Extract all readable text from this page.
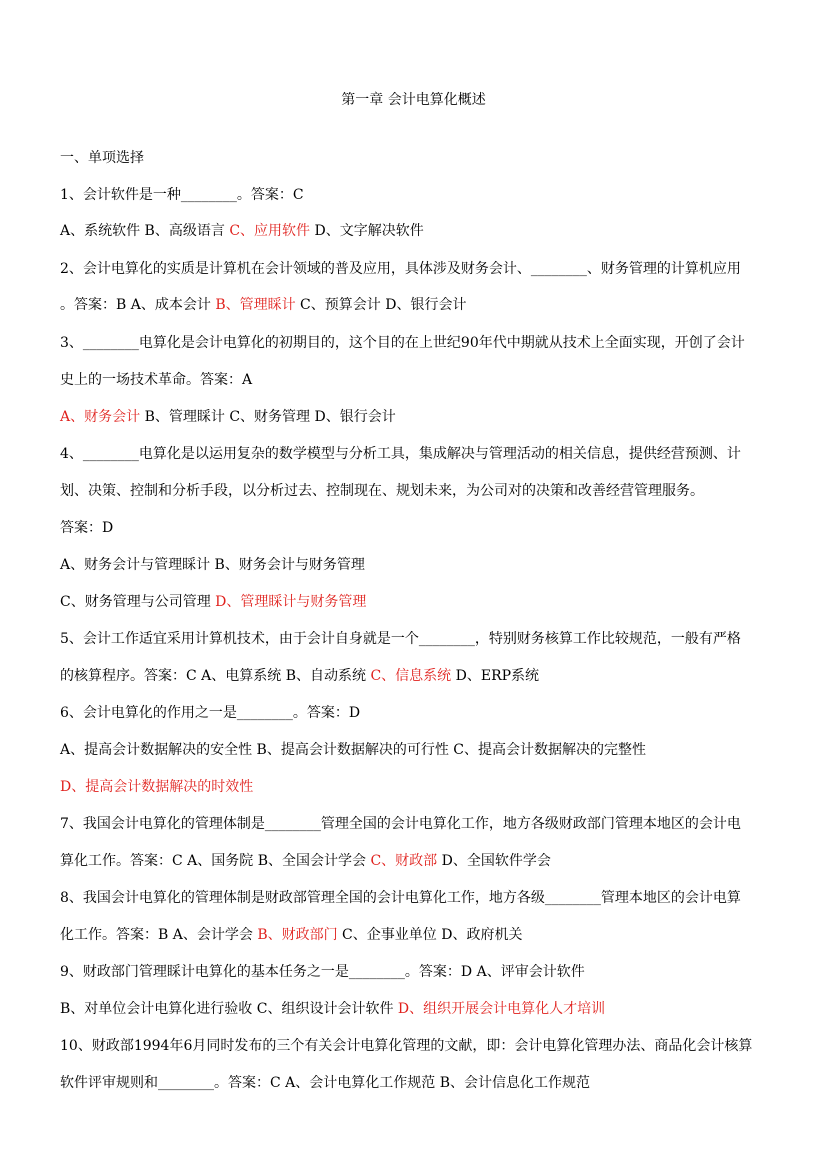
第一章 会计电算化概述
一、单项选择
1、会计软件是一种________。答案：C
A、系统软件 B、高级语言 C、应用软件 D、文字解决软件
2、会计电算化的实质是计算机在会计领域的普及应用，具体涉及财务会计、________、财务管理的计算机应用
。答案：B A、成本会计 B、管理睬计 C、预算会计 D、银行会计
3、________电算化是会计电算化的初期目的，这个目的在上世纪90年代中期就从技术上全面实现，开创了会计
史上的一场技术革命。答案：A
A、财务会计 B、管理睬计 C、财务管理 D、银行会计
4、________电算化是以运用复杂的数学模型与分析工具，集成解决与管理活动的相关信息，提供经营预测、计
划、决策、控制和分析手段，以分析过去、控制现在、规划未来，为公司对的决策和改善经营管理服务。
答案：D
A、财务会计与管理睬计 B、财务会计与财务管理
C、财务管理与公司管理 D、管理睬计与财务管理
5、会计工作适宜采用计算机技术，由于会计自身就是一个________，特别财务核算工作比较规范，一般有严格
的核算程序。答案：C A、电算系统 B、自动系统 C、信息系统 D、ERP系统
6、会计电算化的作用之一是________。答案：D
A、提高会计数据解决的安全性 B、提高会计数据解决的可行性 C、提高会计数据解决的完整性
D、提高会计数据解决的时效性
7、我国会计电算化的管理体制是________管理全国的会计电算化工作，地方各级财政部门管理本地区的会计电
算化工作。答案：C A、国务院 B、全国会计学会 C、财政部 D、全国软件学会
8、我国会计电算化的管理体制是财政部管理全国的会计电算化工作，地方各级________管理本地区的会计电算
化工作。答案：B A、会计学会 B、财政部门 C、企事业单位 D、政府机关
9、财政部门管理睬计电算化的基本任务之一是________。答案：D A、评审会计软件
B、对单位会计电算化进行验收 C、组织设计会计软件 D、组织开展会计电算化人才培训
10、财政部1994年6月同时发布的三个有关会计电算化管理的文献，即：会计电算化管理办法、商品化会计核算
软件评审规则和________。答案：C A、会计电算化工作规范 B、会计信息化工作规范
